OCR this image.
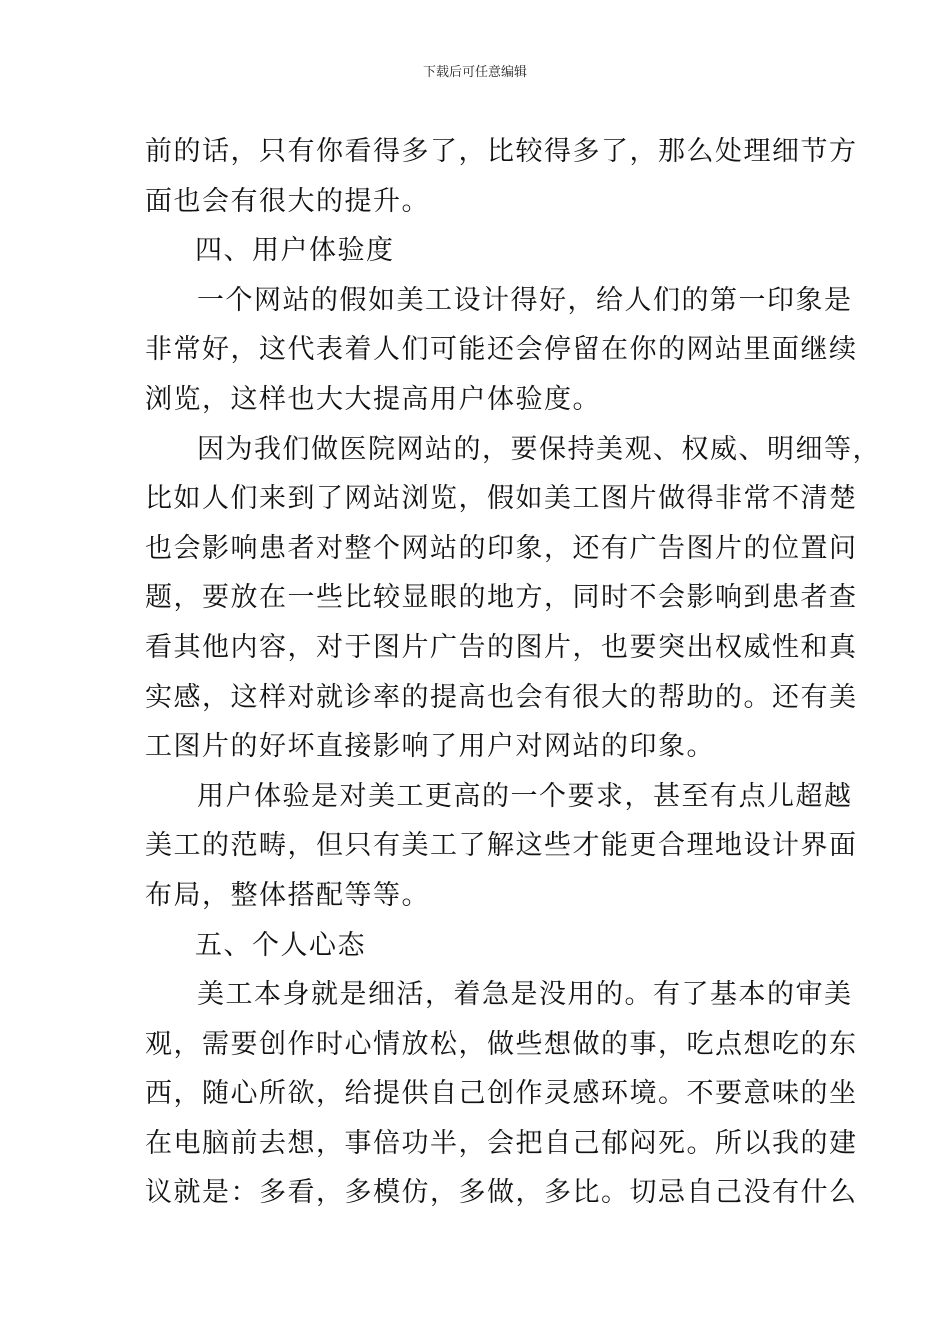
下载后可任意编辑
前的话，只有你看得多了，比较得多了，那么处理细节方
面也会有很大的提升。
四、用户体验度
一个网站的假如美工设计得好，给人们的第一印象是
非常好，这代表着人们可能还会停留在你的网站里面继续
浏览，这样也大大提高用户体验度。
因为我们做医院网站的，要保持美观、权威、明细等，
比如人们来到了网站浏览，假如美工图片做得非常不清楚
也会影响患者对整个网站的印象，还有广告图片的位置问
题，要放在一些比较显眼的地方，同时不会影响到患者查
看其他内容，对于图片广告的图片，也要突出权威性和真
实感，这样对就诊率的提高也会有很大的帮助的。还有美
工图片的好坏直接影响了用户对网站的印象。
用户体验是对美工更高的一个要求，甚至有点儿超越
美工的范畴，但只有美工了解这些才能更合理地设计界面
布局，整体搭配等等。
五、个人心态
美工本身就是细活，着急是没用的。有了基本的审美
观，需要创作时心情放松，做些想做的事，吃点想吃的东
西，随心所欲，给提供自己创作灵感环境。不要意味的坐
在电脑前去想，事倍功半，会把自己郁闷死。所以我的建
议就是：多看，多模仿，多做，多比。切忌自己没有什么
